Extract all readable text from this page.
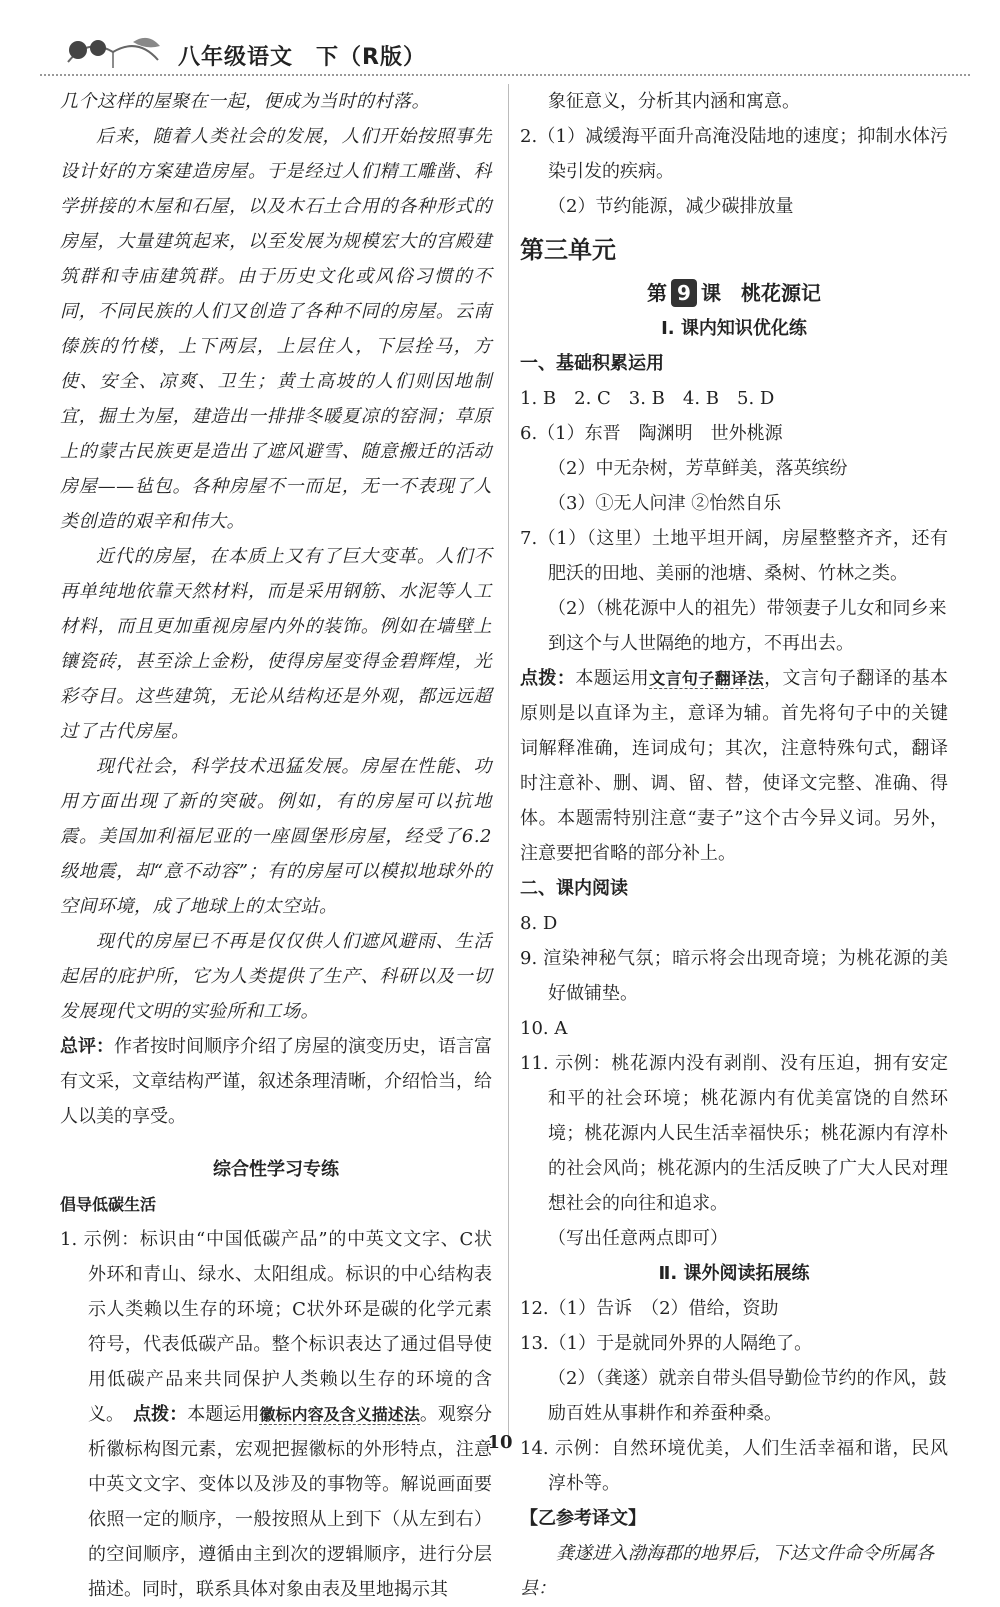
八年级语文　下（R版）

几个这样的屋聚在一起，便成为当时的村落。

后来，随着人类社会的发展，人们开始按照事先设计好的方案建造房屋。于是经过人们精工雕凿、科学拼接的木屋和石屋，以及木石土合用的各种形式的房屋，大量建筑起来，以至发展为规模宏大的宫殿建筑群和寺庙建筑群。由于历史文化或风俗习惯的不同，不同民族的人们又创造了各种不同的房屋。云南傣族的竹楼，上下两层，上层住人，下层拴马，方使、安全、凉爽、卫生；黄土高坡的人们则因地制宜，掘土为屋，建造出一排排冬暖夏凉的窑洞；草原上的蒙古民族更是造出了遮风避雪、随意搬迁的活动房屋——毡包。各种房屋不一而足，无一不表现了人类创造的艰辛和伟大。

近代的房屋，在本质上又有了巨大变革。人们不再单纯地依靠天然材料，而是采用钢筋、水泥等人工材料，而且更加重视房屋内外的装饰。例如在墙壁上镶瓷砖，甚至涂上金粉，使得房屋变得金碧辉煌，光彩夺目。这些建筑，无论从结构还是外观，都远远超过了古代房屋。

现代社会，科学技术迅猛发展。房屋在性能、功用方面出现了新的突破。例如，有的房屋可以抗地震。美国加利福尼亚的一座圆堡形房屋，经受了6.2级地震，却“意不动容”；有的房屋可以模拟地球外的空间环境，成了地球上的太空站。

现代的房屋已不再是仅仅供人们遮风避雨、生活起居的庇护所，它为人类提供了生产、科研以及一切发展现代文明的实验所和工场。

总评：作者按时间顺序介绍了房屋的演变历史，语言富有文采，文章结构严谨，叙述条理清晰，介绍恰当，给人以美的享受。

综合性学习专练

倡导低碳生活

1. 示例：标识由“中国低碳产品”的中英文文字、C状外环和青山、绿水、太阳组成。标识的中心结构表示人类赖以生存的环境；C状外环是碳的化学元素符号，代表低碳产品。整个标识表达了通过倡导使用低碳产品来共同保护人类赖以生存的环境的含义。　 点拨：本题运用徽标内容及含义描述法。观察分析徽标构图元素，宏观把握徽标的外形特点，注意中英文文字、变体以及涉及的事物等。解说画面要依照一定的顺序，一般按照从上到下（从左到右）的空间顺序，遵循由主到次的逻辑顺序，进行分层描述。同时，联系具体对象由表及里地揭示其

象征意义，分析其内涵和寓意。

2.（1）减缓海平面升高淹没陆地的速度；抑制水体污染引发的疾病。

（2）节约能源，减少碳排放量

第三单元

第 9 课　桃花源记

Ⅰ. 课内知识优化练

一、基础积累运用

1. B　2. C　3. B　4. B　5. D

6.（1）东晋　陶渊明　世外桃源

（2）中无杂树，芳草鲜美，落英缤纷

（3）①无人问津 ②怡然自乐

7.（1）（这里）土地平坦开阔，房屋整整齐齐，还有肥沃的田地、美丽的池塘、桑树、竹林之类。

（2）（桃花源中人的祖先）带领妻子儿女和同乡来到这个与人世隔绝的地方，不再出去。

点拨：本题运用文言句子翻译法，文言句子翻译的基本原则是以直译为主，意译为辅。首先将句子中的关键词解释准确，连词成句；其次，注意特殊句式，翻译时注意补、删、调、留、替，使译文完整、准确、得体。本题需特别注意“妻子”这个古今异义词。另外，注意要把省略的部分补上。

二、课内阅读

8. D

9. 渲染神秘气氛；暗示将会出现奇境；为桃花源的美好做铺垫。

10. A

11. 示例：桃花源内没有剥削、没有压迫，拥有安定和平的社会环境；桃花源内有优美富饶的自然环境；桃花源内人民生活幸福快乐；桃花源内有淳朴的社会风尚；桃花源内的生活反映了广大人民对理想社会的向往和追求。

（写出任意两点即可）

Ⅱ. 课外阅读拓展练

12.（1）告诉　（2）借给，资助

13.（1）于是就同外界的人隔绝了。

（2）（龚遂）就亲自带头倡导勤俭节约的作风，鼓励百姓从事耕作和养蚕种桑。

14. 示例：自然环境优美，人们生活幸福和谐，民风淳朴等。

【乙参考译文】

龚遂进入渤海郡的地界后，下达文件命令所属各县：

10
